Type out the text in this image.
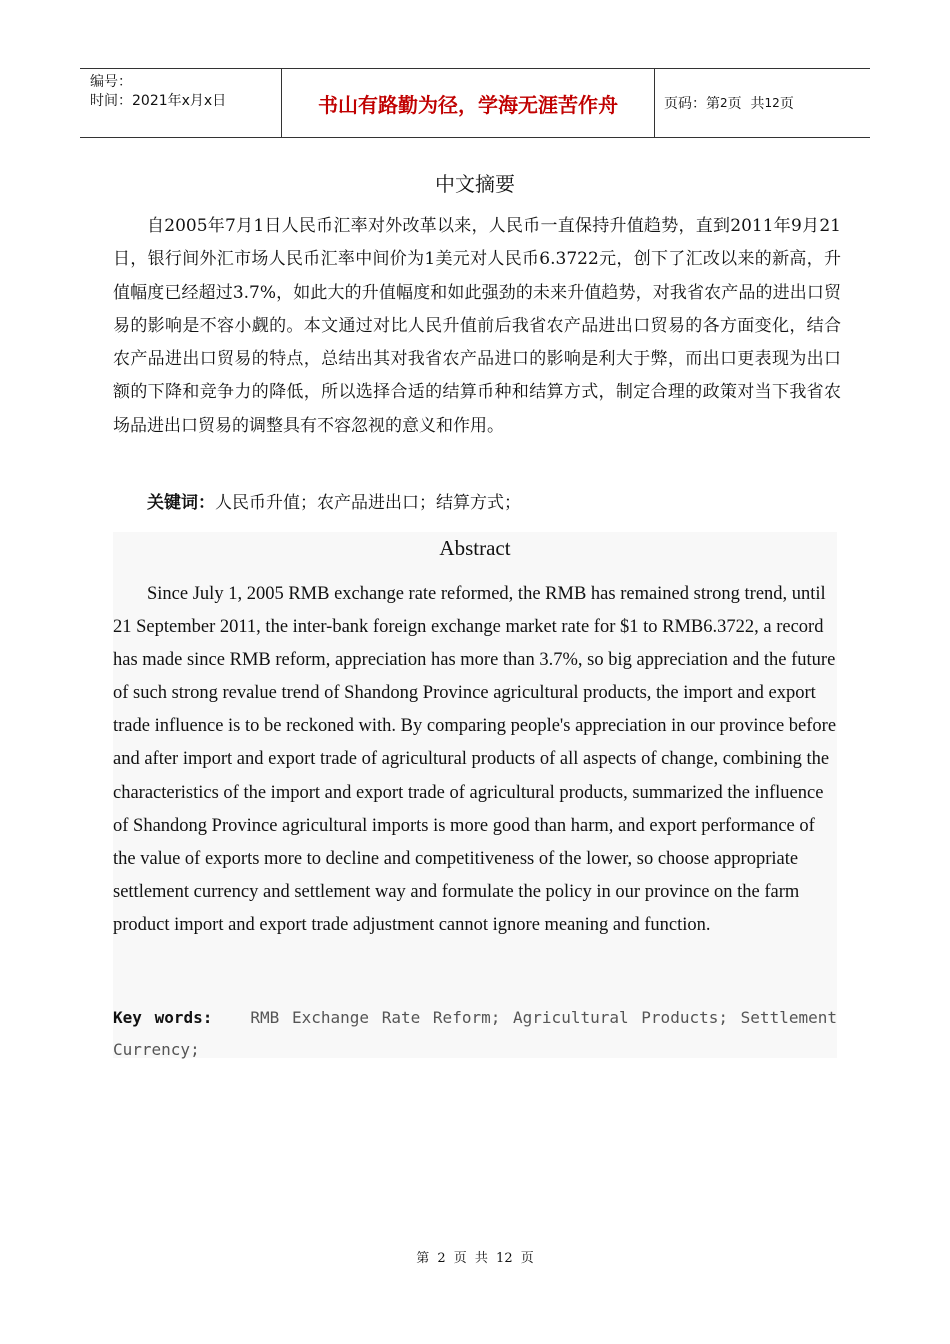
编号：
时间：2021年x月x日	书山有路勤为径，学海无涯苦作舟	页码：第 2 页  共 12 页
中文摘要

自2005年7月1日人民币汇率对外改革以来，人民币一直保持升值趋势，直到2011年9月21日，银行间外汇市场人民币汇率中间价为1美元对人民币6.3722元，创下了汇改以来的新高，升值幅度已经超过3.7%，如此大的升值幅度和如此强劲的未来升值趋势，对我省农产品的进出口贸易的影响是不容小觑的。本文通过对比人民升值前后我省农产品进出口贸易的各方面变化，结合农产品进出口贸易的特点，总结出其对我省农产品进口的影响是利大于弊，而出口更表现为出口额的下降和竞争力的降低，所以选择合适的结算币种和结算方式，制定合理的政策对当下我省农场品进出口贸易的调整具有不容忽视的意义和作用。

关键词：人民币升值；农产品进出口；结算方式；
Abstract

Since July 1, 2005 RMB exchange rate reformed, the RMB has remained strong trend, until 21 September 2011, the inter-bank foreign exchange market rate for $1 to RMB6.3722, a record has made since RMB reform, appreciation has more than 3.7%, so big appreciation and the future of such strong revalue trend of Shandong Province agricultural products, the import and export trade influence is to be reckoned with. By comparing people's appreciation in our province before and after import and export trade of agricultural products of all aspects of change, combining the characteristics of the import and export trade of agricultural products, summarized the influence of Shandong Province agricultural imports is more good than harm, and export performance of the value of exports more to decline and competitiveness of the lower, so choose appropriate settlement currency and settlement way and formulate the policy in our province on the farm product import and export trade adjustment cannot ignore meaning and function.

Key words: RMB Exchange Rate Reform; Agricultural Products; Settlement Currency;
第 2 页 共 12 页
